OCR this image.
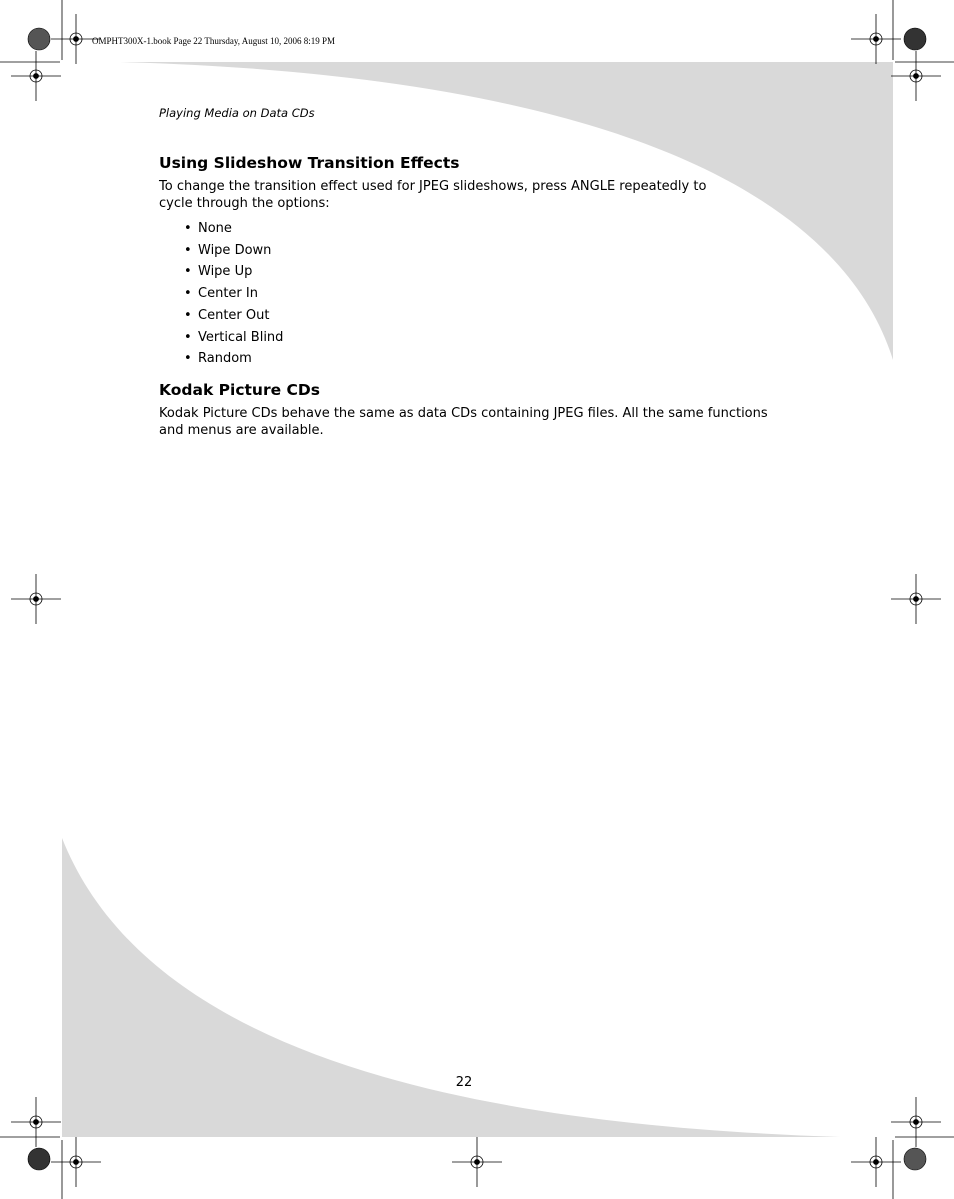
OMPHT300X-1.book Page 22 Thursday, August 10, 2006 8:19 PM
Playing Media on Data CDs
Using Slideshow Transition Effects

To change the transition effect used for JPEG slideshows, press ANGLE repeatedly to cycle through the options:

• None
• Wipe Down
• Wipe Up
• Center In
• Center Out
• Vertical Blind
• Random
Kodak Picture CDs

Kodak Picture CDs behave the same as data CDs containing JPEG files. All the same functions and menus are available.

22
